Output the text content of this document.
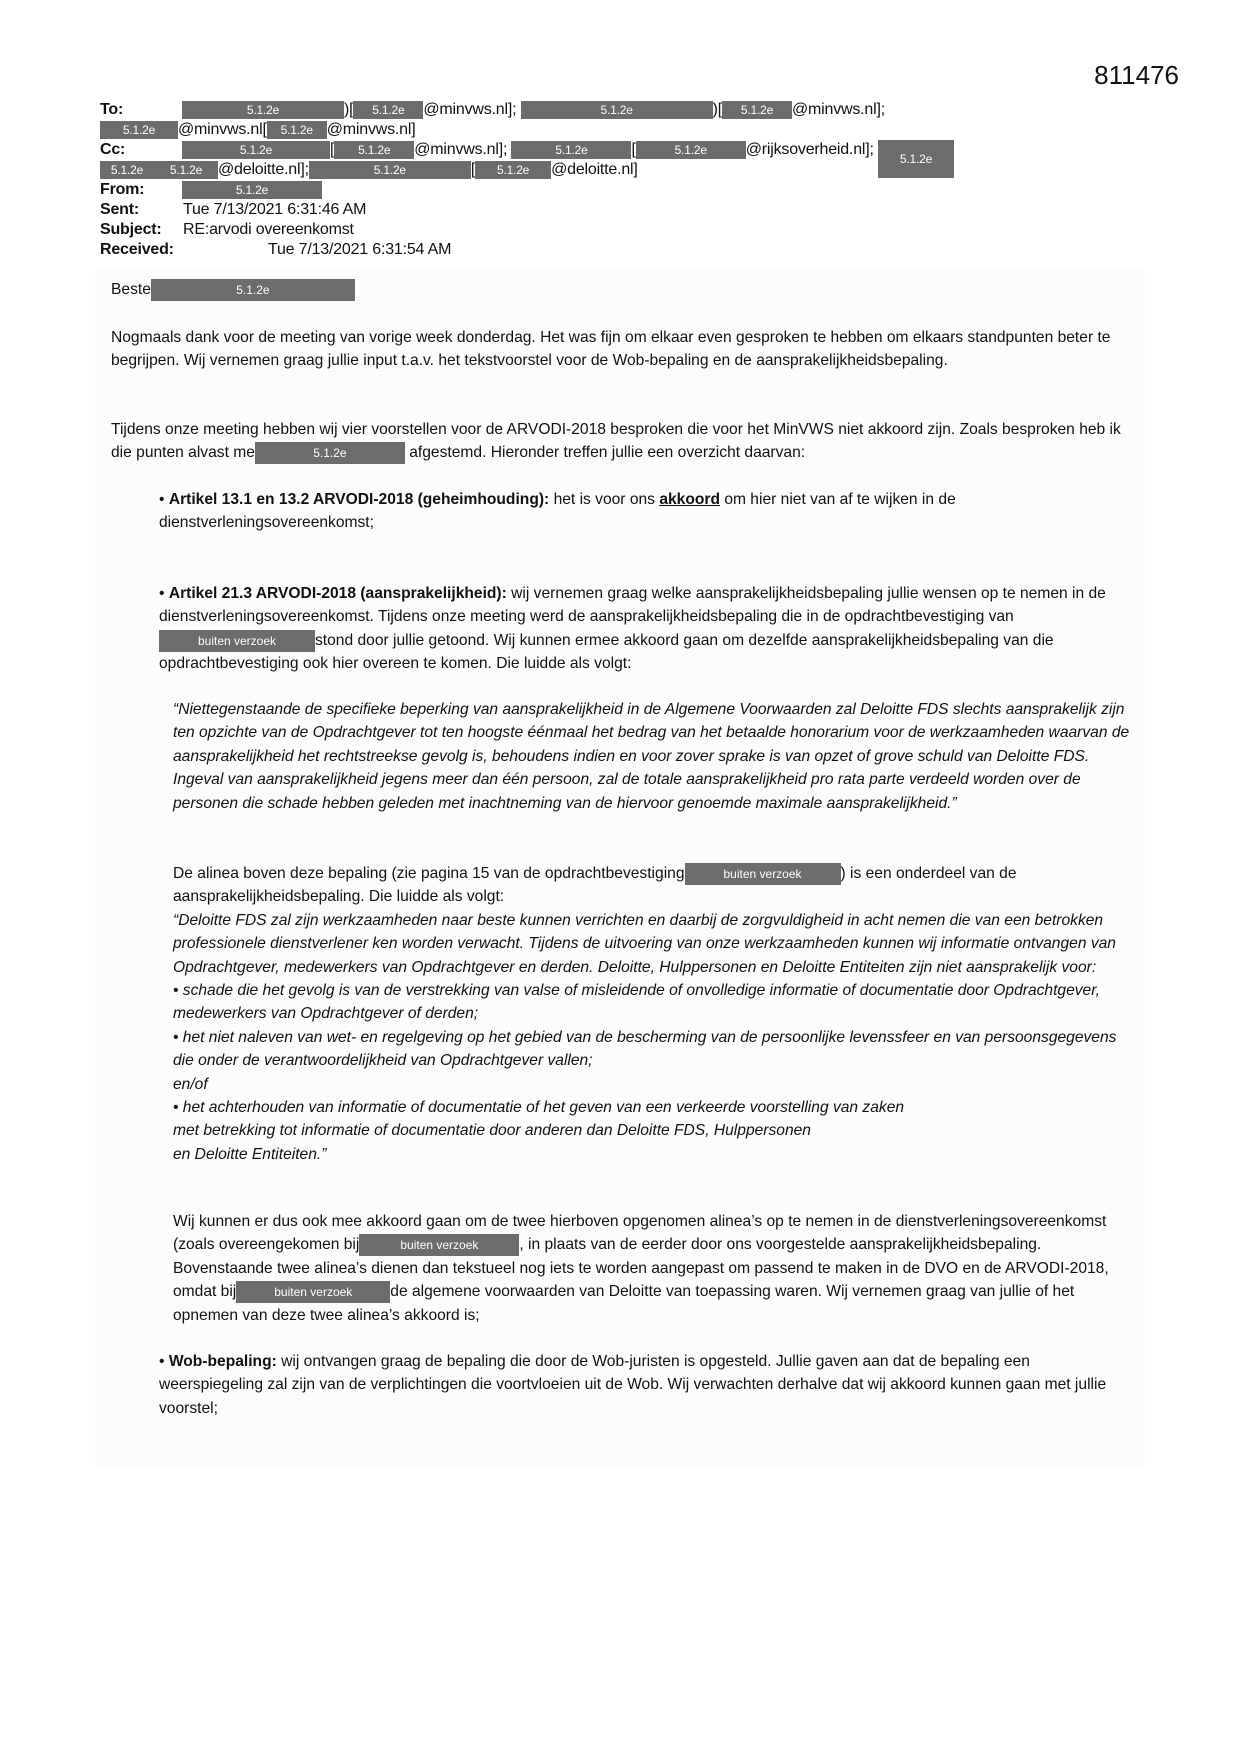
811476
To:	5.1.2e	)[ 5.1.2e @minvws.nl];	5.1.2e	)[ 5.1.2e @minvws.nl];
5.1.2e @minvws.nl[ 5.1.2e @minvws.nl]
Cc:	5.1.2e	[ 5.1.2e @minvws.nl];	5.1.2e	[	5.1.2e @rijksoverheid.nl]; 5.1.2e
5.1.2e 5.1.2e @deloitte.nl];	5.1.2e	[ 5.1.2e @deloitte.nl]
From:	5.1.2e
Sent:	Tue 7/13/2021 6:31:46 AM
Subject: RE:arvodi overeenkomst
Received:	Tue 7/13/2021 6:31:54 AM
Beste	5.1.2e

Nogmaals dank voor de meeting van vorige week donderdag. Het was fijn om elkaar even gesproken te hebben om elkaars standpunten beter te begrijpen. Wij vernemen graag jullie input t.a.v. het tekstvoorstel voor de Wob-bepaling en de aansprakelijkheidsbepaling.

Tijdens onze meeting hebben wij vier voorstellen voor de ARVODI-2018 besproken die voor het MinVWS niet akkoord zijn. Zoals besproken heb ik die punten alvast me	5.1.2e	afgestemd. Hieronder treffen jullie een overzicht daarvan:

• Artikel 13.1 en 13.2 ARVODI-2018 (geheimhouding): het is voor ons akkoord om hier niet van af te wijken in de dienstverleningsovereenkomst;

• Artikel 21.3 ARVODI-2018 (aansprakelijkheid): wij vernemen graag welke aansprakelijkheidsbepaling jullie wensen op te nemen in de dienstverleningsovereenkomst. Tijdens onze meeting werd de aansprakelijkheidsbepaling die in de opdrachtbevestiging vanbuiten verzoek stond door jullie getoond. Wij kunnen ermee akkoord gaan om dezelfde aansprakelijkheidsbepaling van die opdrachtbevestiging ook hier overeen te komen. Die luidde als volgt:

“Niettegenstaande de specifieke beperking van aansprakelijkheid in de Algemene Voorwaarden zal Deloitte FDS slechts aansprakelijk zijn ten opzichte van de Opdrachtgever tot ten hoogste éénmaal het bedrag van het betaalde honorarium voor de werkzaamheden waarvan de aansprakelijkheid het rechtstreekse gevolg is, behoudens indien en voor zover sprake is van opzet of grove schuld van Deloitte FDS. Ingeval van aansprakelijkheid jegens meer dan één persoon, zal de totale aansprakelijkheid pro rata parte verdeeld worden over de personen die schade hebben geleden met inachtneming van de hiervoor genoemde maximale aansprakelijkheid.”

De alinea boven deze bepaling (zie pagina 15 van de opdrachtbevestiging	buiten verzoek ) is een onderdeel van de aansprakelijkheidsbepaling. Die luidde als volgt:

“Deloitte FDS zal zijn werkzaamheden naar beste kunnen verrichten en daarbij de zorgvuldigheid in acht nemen die van een betrokken professionele dienstverlener ken worden verwacht. Tijdens de uitvoering van onze werkzaamheden kunnen wij informatie ontvangen van Opdrachtgever, medewerkers van Opdrachtgever en derden. Deloitte, Hulppersonen en Deloitte Entiteiten zijn niet aansprakelijk voor:

• schade die het gevolg is van de verstrekking van valse of misleidende of onvolledige informatie of documentatie door Opdrachtgever, medewerkers van Opdrachtgever of derden;

• het niet naleven van wet- en regelgeving op het gebied van de bescherming van de persoonlijke levenssfeer en van persoonsgegevens die onder de verantwoordelijkheid van Opdrachtgever vallen;

en/of

• het achterhouden van informatie of documentatie of het geven van een verkeerde voorstelling van zaken met betrekking tot informatie of documentatie door anderen dan Deloitte FDS, Hulppersonen

en Deloitte Entiteiten.”

Wij kunnen er dus ook mee akkoord gaan om de twee hierboven opgenomen alinea’s op te nemen in de dienstverleningsovereenkomst (zoals overeengekomen bij	buiten verzoek	, in plaats van de eerder door ons voorgestelde aansprakelijkheidsbepaling. Bovenstaande twee alinea’s dienen dan tekstueel nog iets te worden aangepast om passend te maken in de DVO en de ARVODI-2018, omdat bij	buiten verzoek de algemene voorwaarden van Deloitte van toepassing waren. Wij vernemen graag van jullie of het opnemen van deze twee alinea’s akkoord is;

• Wob-bepaling: wij ontvangen graag de bepaling die door de Wob-juristen is opgesteld. Jullie gaven aan dat de bepaling een weerspiegeling zal zijn van de verplichtingen die voortvloeien uit de Wob. Wij verwachten derhalve dat wij akkoord kunnen gaan met jullie voorstel;
